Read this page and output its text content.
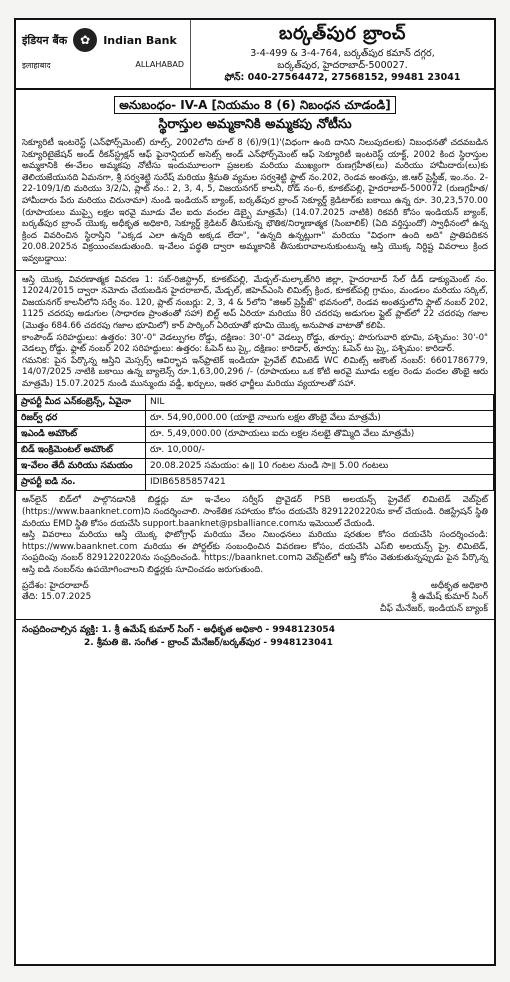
इंडियन बैंक	✿	Indian Bank
इलाहाबाद	ALLAHABAD
బర్కత్‌పుర బ్రాంచ్
3-4-499 & 3-4-764, బర్కత్‌పుర కమాన్ దగ్గర,
బర్కత్‌పుర, హైదరాబాద్-500027.
ఫోన్: 040-27564472, 27568152, 99481 23041
అనుబంధం- IV-A [నియమం 8 (6) నిబంధన చూడండి]
స్థిరాస్తుల అమ్మకానికి అమ్మకపు నోటీసు
సెక్యూరిటీ ఇంటరెస్ట్ (ఎన్‌ఫోర్స్‌మెంట్) రూల్స్, 2002లోని రూల్ 8 (6)/9(1)'(విధంగా ఉంది దానిని నిలుపుదలకు) నిబంధనతో చదవబడిన సెక్యూరిటైజేషన్ అండ్ రీకన్‌స్ట్రక్షన్ ఆఫ్ ఫైనాన్షియల్ అసెట్స్ అండ్ ఎన్‌ఫోర్స్‌మెంట్ ఆఫ్ సెక్యూరిటీ ఇంటరెస్ట్ యాక్ట్, 2002 కింద స్థిరాస్తుల అమ్మకానికి ఈ-వేలం అమ్మకపు నోటీసు ఇందుమూలంగా ప్రజలకు మరియు ముఖ్యంగా రుణగ్రహీత(లు) మరియు హామీదారు(లు)కు తెలియజేయునది ఏమనగా, శ్రీ సర్వశెట్టి సురేష్ మరియు శ్రీమతి వ్యమల సర్వశెట్టి ఫ్లాట్ నం.202, రెండవ అంతస్తు, జి.ఆర్ ప్రెస్టీజ్, ఇం.నం. 2-22-109/1/బి మరియు 3/2/ఏ, ప్లాట్ నం.: 2, 3, 4, 5, విజయనగర్ కాలనీ, రోడ్ నం-6, కూకట్‌పల్లి, హైదరాబాద్-500072 (రుణగ్రహీత/హామీదారు పేరు మరియు చిరునామా) నుండి ఇండియన్ బ్యాంక్, బర్కత్‌పుర బ్రాంచ్ సెక్యూర్డ్ క్రెడిటార్‌కు బకాయి ఉన్న రూ. 30,23,570.00 (రూపాయలు ముప్పై లక్షల ఇరవై మూడు వేల ఐదు వందల డెబ్బై మాత్రమే) (14.07.2025 నాటికి) రికవరీ కోసం ఇండియన్ బ్యాంక్, బర్కత్‌పుర బ్రాంచ్ యొక్క అధీకృత అధికారి, సెక్యూర్డ్ క్రెడిటర్ తీసుకున్న భౌతిక/నిర్మాణాత్మక (సింబాలిక్) (ఏది వర్తిస్తుందో) స్వాధీనంలో ఉన్న క్రింద వివరించిన స్థిరాస్తిని "ఎక్కడ ఎలా ఉన్నది అక్కడ లేదా", "ఉన్నది ఉన్నట్లుగా" మరియు "విధంగా ఉంది అది" ప్రాతిపదికన 20.08.2025న విక్రయించబడుతుంది. ఇ-వేలం పద్ధతి ద్వారా అమ్మకానికి తీసుకురావాలనుకుంటున్న ఆస్తి యొక్క నిర్దిష్ట వివరాలు క్రింద ఇవ్వబడ్డాయి:
ఆస్తి యొక్క వివరణాత్మక వివరణ 1: సబ్-రిజిస్ట్రార్, కూకట్‌పల్లి, మేడ్చల్-మల్కాజ్‌గిరి జిల్లా, హైదరాబాద్ సేల్ డీడ్ డాక్యుమెంట్ నం. 12024/2015 ద్వారా నమోదు చేయబడిన హైదరాబాద్, మేడ్చల్, జిహెచ్‌ఎంసి లిమిట్స్ క్రింద, కూకట్‌పల్లి గ్రామం, మండలం మరియు సర్కిల్, విజయనగర్ కాలనీలోని సర్వే నం. 120, ప్లాట్ నంబర్లు: 2, 3, 4 & 5లోని "జిఆర్ ప్రెస్టీజ్" భవనంలో, రెండవ అంతస్తులోని ఫ్లాట్ నంబర్ 202, 1125 చదరపు అడుగుల (సాధారణ ప్రాంతంతో సహా) బిల్ట్ అప్ ఏరియా మరియు 80 చదరపు అడుగుల ఫ్లైట్ ప్లాట్‌లో 22 చదరపు గజాల (మొత్తం 684.66 చదరపు గజాల భూమిలో) కార్ పార్కింగ్ ఏరియాతో భూమి యొక్క అనుపాత వాటాతో కలిపి.
కాంపౌండ్ సరిహద్దులు: ఉత్తరం: 30'-0" వెడల్పుగల రోడ్డు, దక్షిణం: 30'-0" వెడల్పు రోడ్డు, తూర్పు: పొరుగువారి భూమి, పశ్చిమం: 30'-0" వెడల్పు రోడ్డు. ఫ్లాట్ నంబర్ 202 సరిహద్దులు: ఉత్తరం: ఓపెన్ టు స్కై, దక్షిణం: కారిడార్, తూర్పు: ఓపెన్ టు స్కై, పశ్చిమం: కారిడార్.
గమనిక: పైన పేర్కొన్న ఆస్తిని మెస్సర్స్ ఆవిర్భావ ఇన్‌ఫ్రాటెక్ ఇండియా ప్రైవేట్ లిమిటెడ్ WC లిమిట్స్ అకౌంట్ నంబర్: 6601786779, 14/07/2025 నాటికి బకాయి ఉన్న బ్యాలెన్స్ రూ.1,63,00,296 /- (రూపాయలు ఒక కోటి అరవై మూడు లక్షల రెండు వందల తొంభై ఆరు మాత్రమే) 15.07.2025 నుండి మున్ముందు వడ్డీ, ఖర్చులు, ఇతర ఛార్జీలు మరియు వ్యయాలతో సహా.
ప్రాపర్టీ మీద ఎన్‌కంబ్రెన్స్, ఏవైనా	NIL
రిజర్వ్ ధర	రూ. 54,90,000.00 (యాభై నాలుగు లక్షల తొంభై వేలు మాత్రమే)
ఇఎండి అమౌంట్	రూ. 5,49,000.00 (రూపాయలు ఐదు లక్షల నలభై తొమ్మిది వేలు మాత్రమే)
బిడ్ ఇంక్రిమెంటల్ అమౌంట్	రూ. 10,000/-
ఇ-వేలం తేదీ మరియు సమయం	20.08.2025 సమయం: ఉ॥ 10 గంటల నుండి సా॥ 5.00 గంటలు
ప్రాపర్టీ ఐడి నం.	IDIB6585857421
ఆన్‌లైన్ బిడ్‌లో పాల్గొనడానికి బిడ్డర్లు మా ఇ-వేలం సర్వీస్ ప్రొవైడర్ PSB అలయన్స్ ప్రైవేట్ లిమిటెడ్ వెబ్‌సైట్ (https://www.baanknet.com)ని సందర్శించాలి. సాంకేతిక సహాయం కోసం దయచేసి 8291220220ను కాల్ చేయండి. రిజిస్ట్రేషన్ స్థితి మరియు EMD స్థితి కోసం దయచేసి support.baanknet@psballiance.comను ఇమెయిల్ చేయండి.
ఆస్తి వివరాలు మరియు ఆస్తి యొక్క ఫొటోగ్రాఫ్ మరియు వేలం నిబంధనలు మరియు షరతుల కోసం దయచేసి సందర్శించండి: https://www.baanknet.com మరియు ఈ పోర్టల్‌కు సంబంధించిన వివరణల కోసం, దయచేసి ఎస్‌బి అలయన్స్ ప్రై. లిమిటెడ్, సంప్రదింపు నంబర్ 8291220220ను సంప్రదించండి. https://baanknet.comని వెబ్‌సైట్‌లో ఆస్తి కోసం వెతుకుతున్నప్పుడు పైన పేర్కొన్న ఆస్తి ఐడి నంబర్‌ను ఉపయోగించాలని బిడ్డర్లకు సూచించడం జరుగుతుంది.
ప్రదేశం: హైదరాబాద్
తేది: 15.07.2025
అధీకృత అధికారి
శ్రీ ఉమేష్ కుమార్ సింగ్
చీఫ్ మేనేజర్, ఇండియన్ బ్యాంక్
సంప్రదించాల్సిన వ్యక్తి: 1. శ్రీ ఉమేష్ కుమార్ సింగ్ - అధీకృత అధికారి - 9948123054
2. శ్రీమతి జె. సంగీత - బ్రాంచ్ మేనేజర్/బర్కత్‌పుర - 9948123041
